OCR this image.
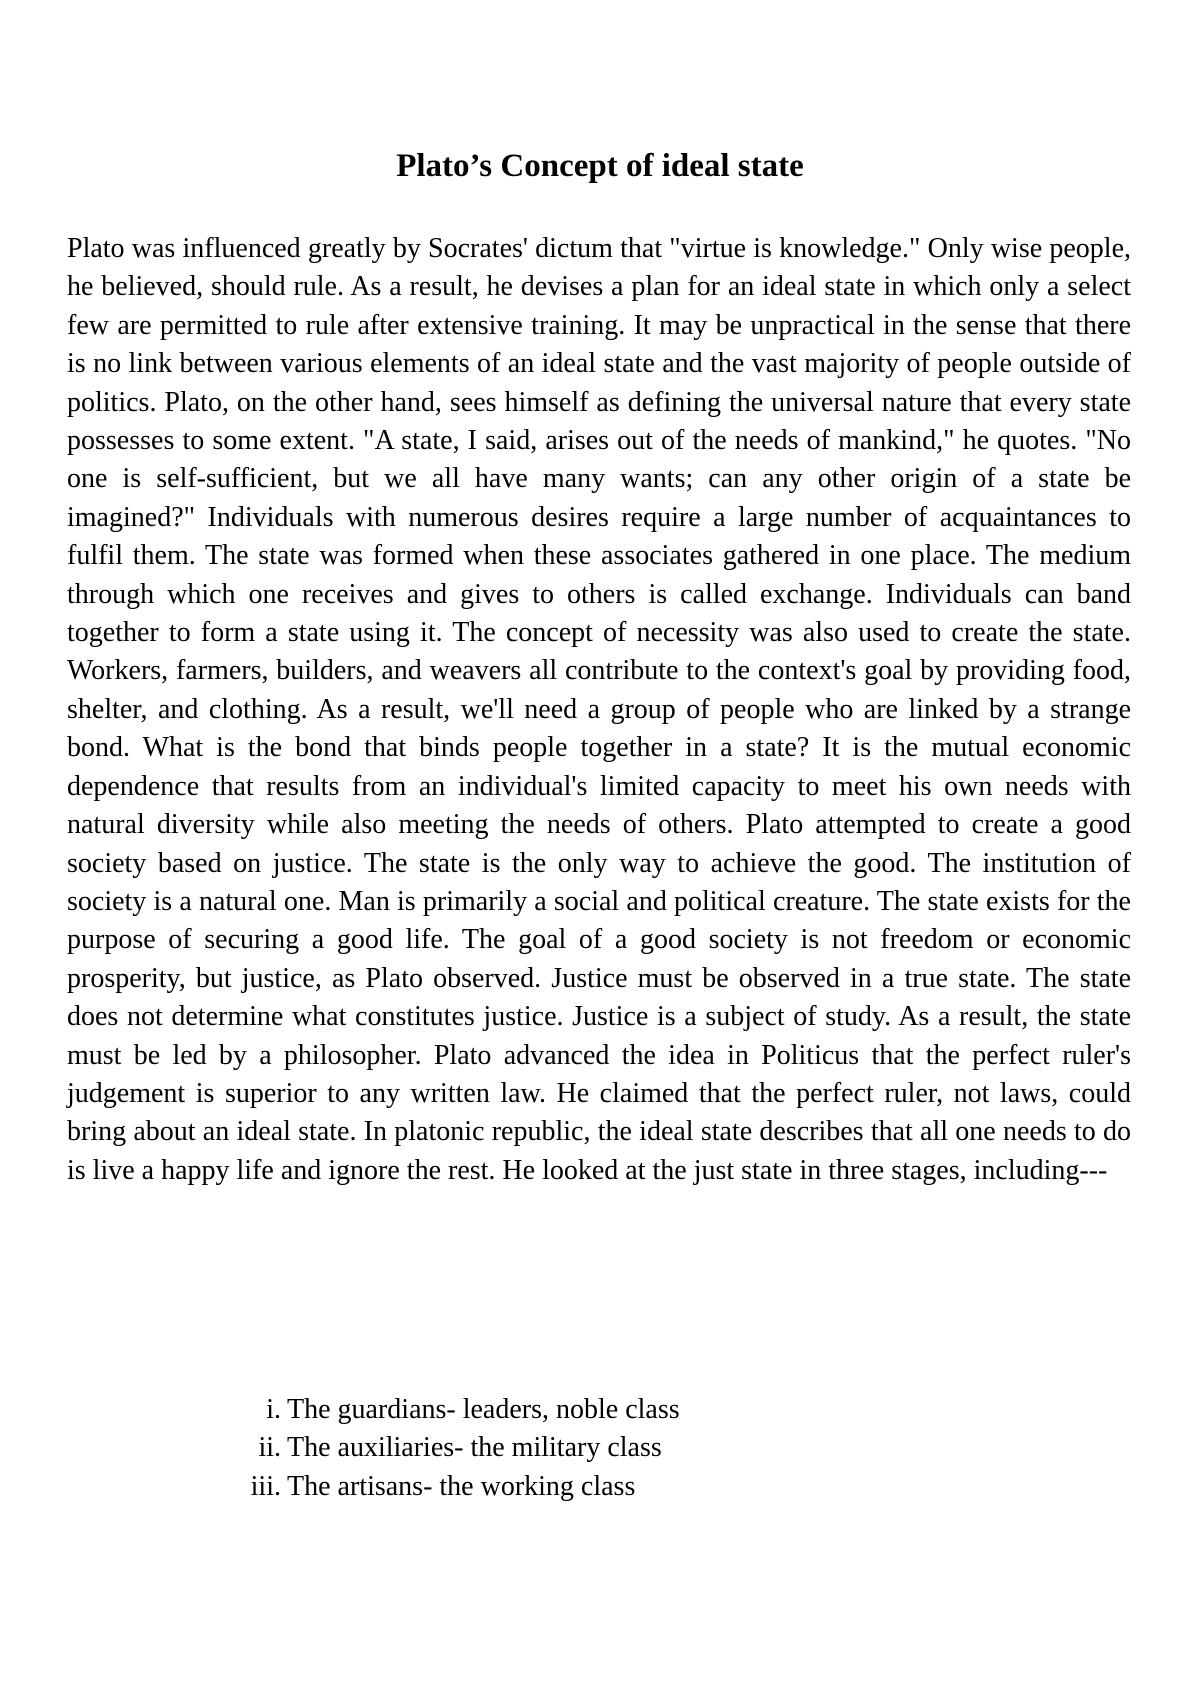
Plato’s Concept of ideal state

Plato was influenced greatly by Socrates' dictum that "virtue is knowledge." Only wise people, he believed, should rule. As a result, he devises a plan for an ideal state in which only a select few are permitted to rule after extensive training. It may be unpractical in the sense that there is no link between various elements of an ideal state and the vast majority of people outside of politics. Plato, on the other hand, sees himself as defining the universal nature that every state possesses to some extent. "A state, I said, arises out of the needs of mankind," he quotes. "No one is self-sufficient, but we all have many wants; can any other origin of a state be imagined?" Individuals with numerous desires require a large number of acquaintances to fulfil them. The state was formed when these associates gathered in one place. The medium through which one receives and gives to others is called exchange. Individuals can band together to form a state using it. The concept of necessity was also used to create the state. Workers, farmers, builders, and weavers all contribute to the context's goal by providing food, shelter, and clothing. As a result, we'll need a group of people who are linked by a strange bond. What is the bond that binds people together in a state? It is the mutual economic dependence that results from an individual's limited capacity to meet his own needs with natural diversity while also meeting the needs of others. Plato attempted to create a good society based on justice. The state is the only way to achieve the good. The institution of society is a natural one. Man is primarily a social and political creature. The state exists for the purpose of securing a good life. The goal of a good society is not freedom or economic prosperity, but justice, as Plato observed. Justice must be observed in a true state. The state does not determine what constitutes justice. Justice is a subject of study. As a result, the state must be led by a philosopher. Plato advanced the idea in Politicus that the perfect ruler's judgement is superior to any written law. He claimed that the perfect ruler, not laws, could bring about an ideal state. In platonic republic, the ideal state describes that all one needs to do is live a happy life and ignore the rest. He looked at the just state in three stages, including---

i. The guardians- leaders, noble class
ii. The auxiliaries- the military class
iii. The artisans- the working class
